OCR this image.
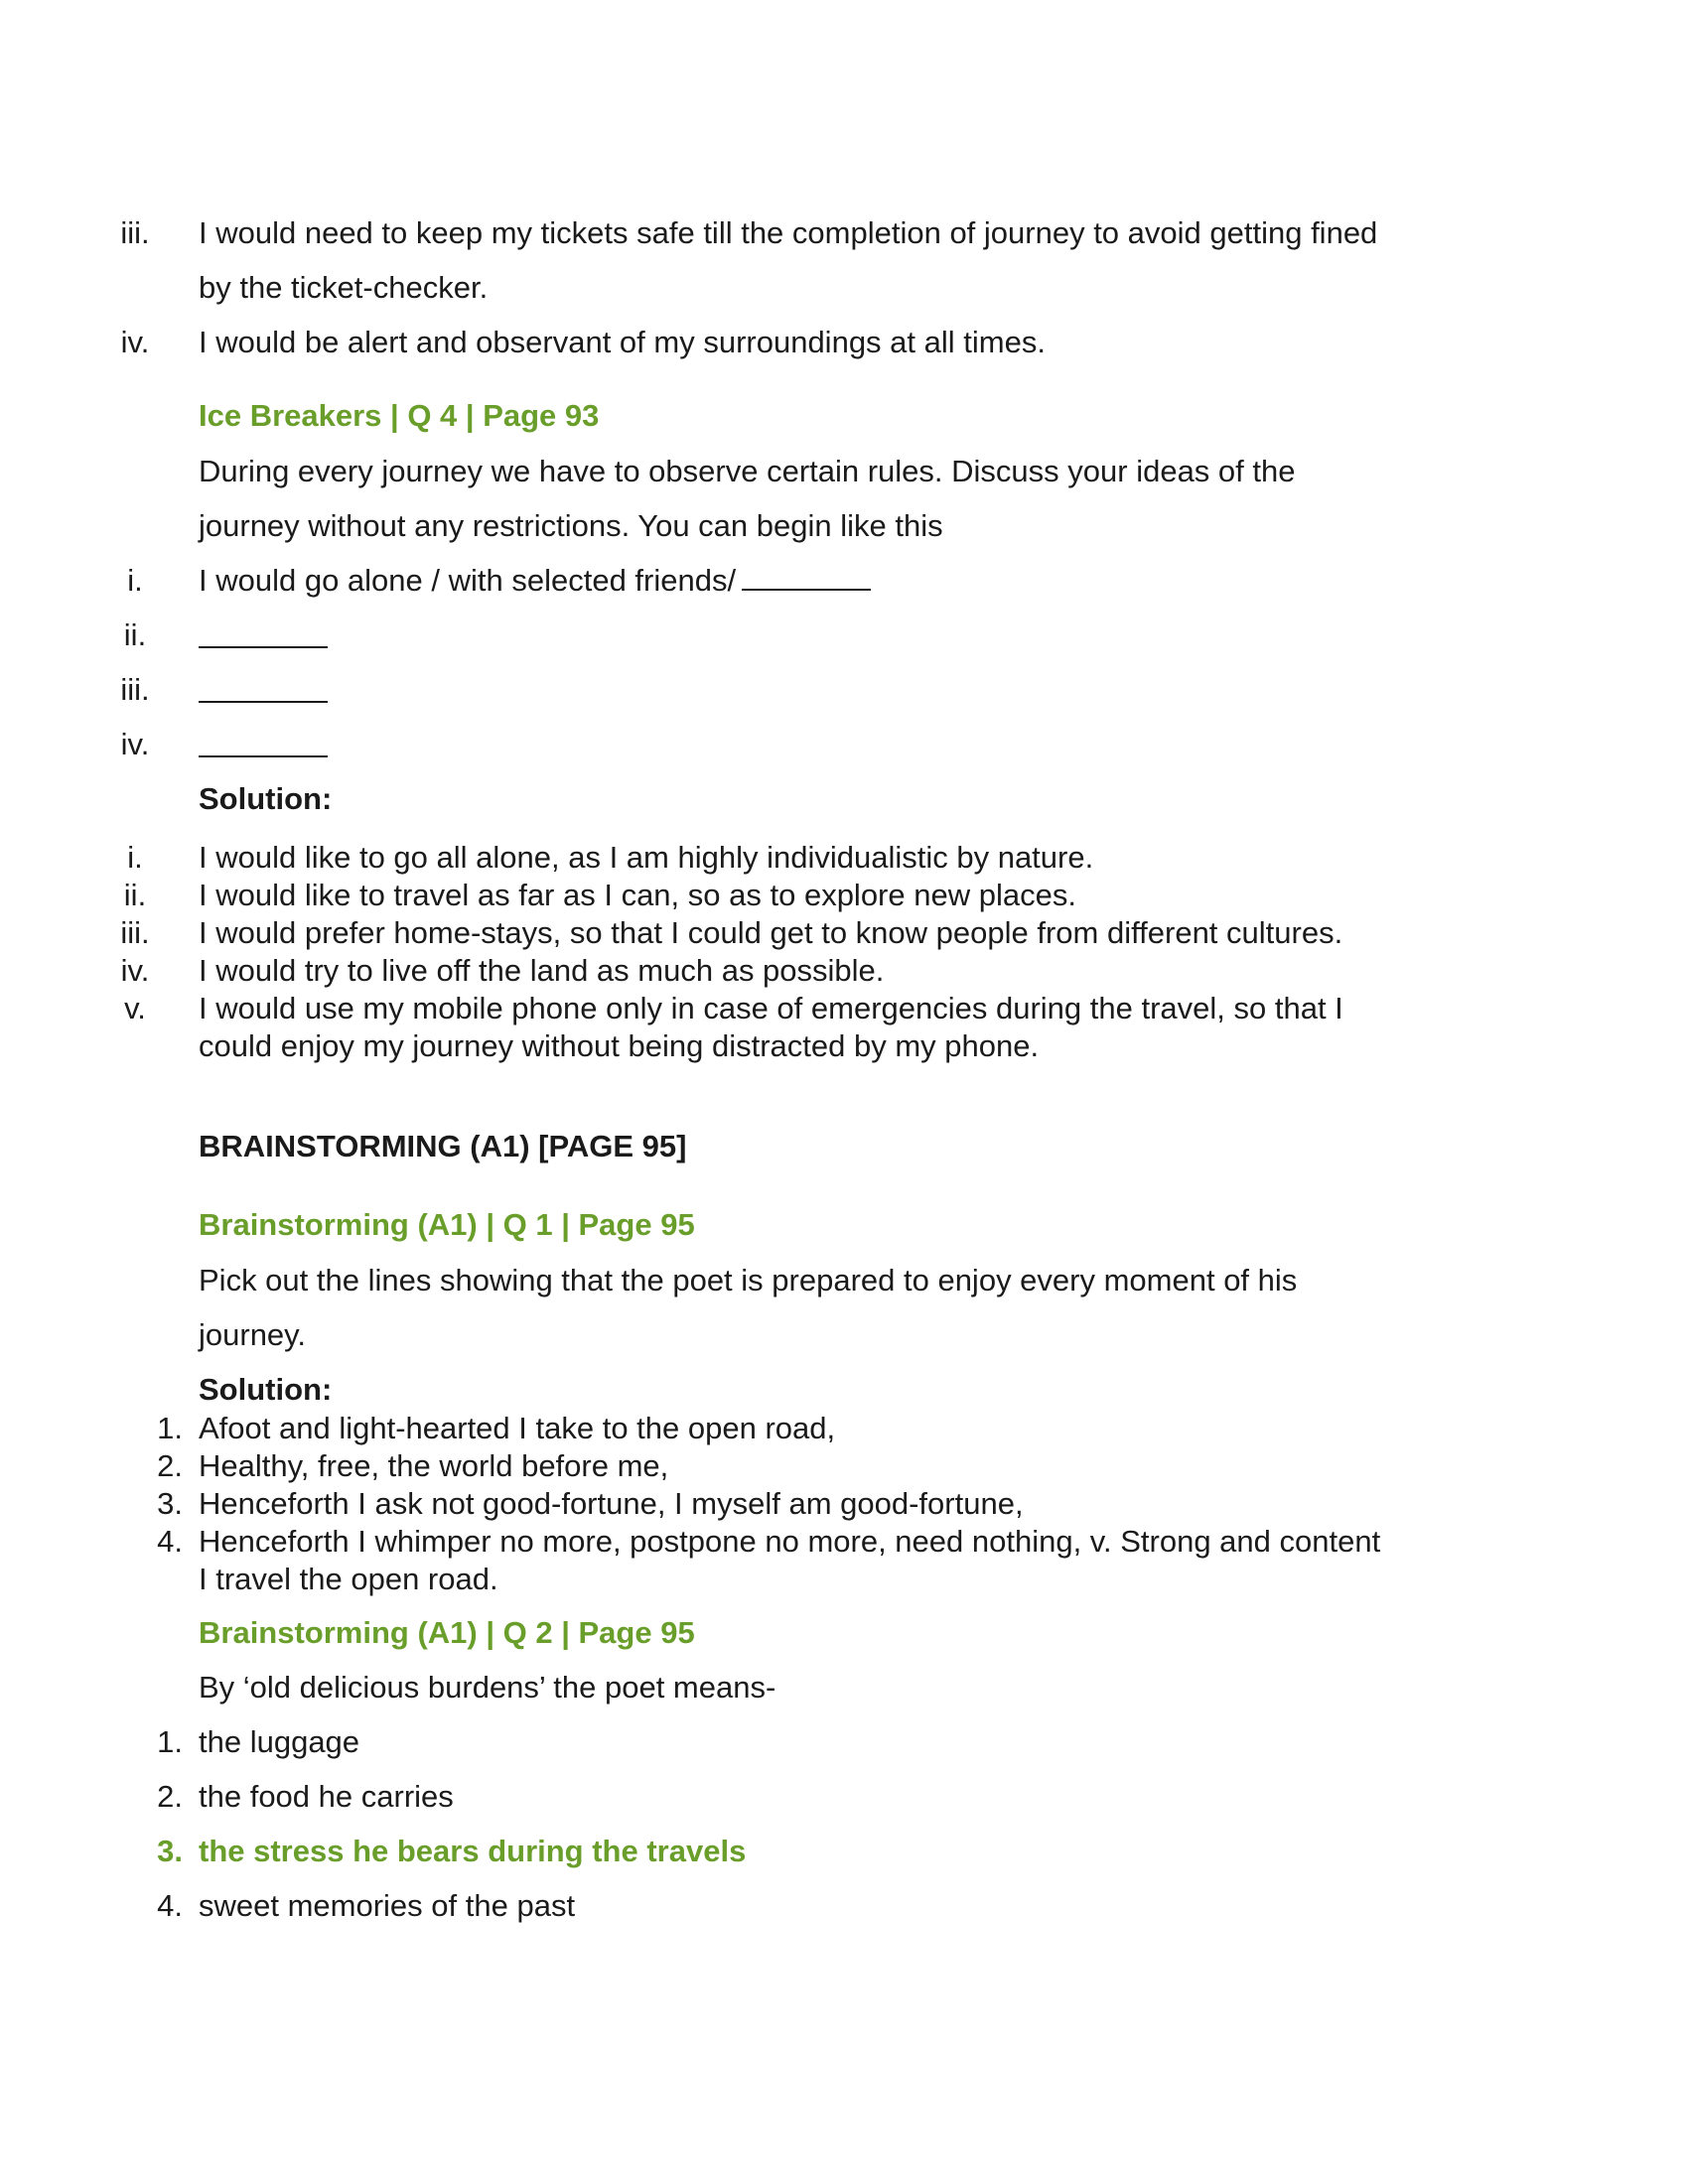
iii.	I would need to keep my tickets safe till the completion of journey to avoid getting fined
by the ticket-checker.
iv.	I would be alert and observant of my surroundings at all times.
Ice Breakers | Q 4 | Page 93
During every journey we have to observe certain rules. Discuss your ideas of the
journey without any restrictions. You can begin like this
i.	I would go alone / with selected friends/
ii.
iii.
iv.
Solution:
i.	I would like to go all alone, as I am highly individualistic by nature.
ii.	I would like to travel as far as I can, so as to explore new places.
iii.	I would prefer home-stays, so that I could get to know people from different cultures.
iv.	I would try to live off the land as much as possible.
v.	I would use my mobile phone only in case of emergencies during the travel, so that I
could enjoy my journey without being distracted by my phone.
BRAINSTORMING (A1) [PAGE 95]
Brainstorming (A1) | Q 1 | Page 95
Pick out the lines showing that the poet is prepared to enjoy every moment of his
journey.
Solution:
1. Afoot and light-hearted I take to the open road,
2. Healthy, free, the world before me,
3. Henceforth I ask not good-fortune, I myself am good-fortune,
4. Henceforth I whimper no more, postpone no more, need nothing, v. Strong and content
I travel the open road.
Brainstorming (A1) | Q 2 | Page 95
By ‘old delicious burdens’ the poet means-
1. the luggage
2. the food he carries
3. the stress he bears during the travels
4. sweet memories of the past
